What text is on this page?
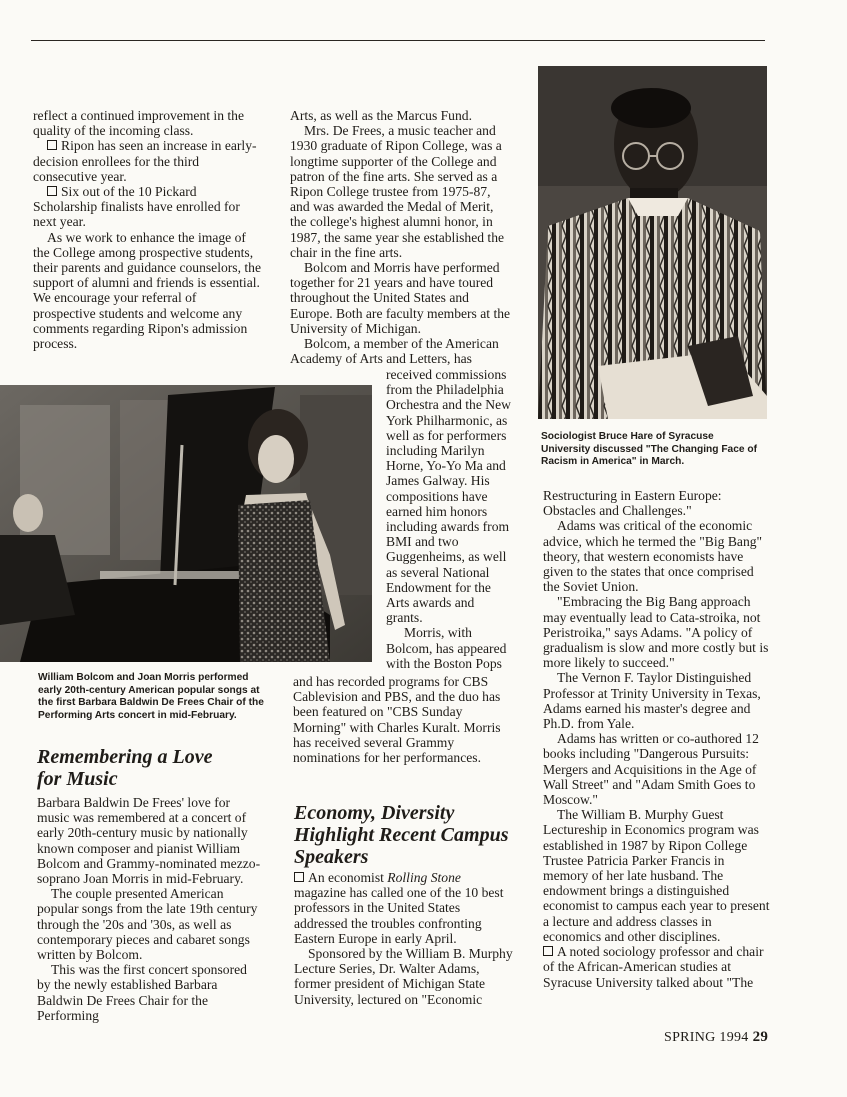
reflect a continued improvement in the quality of the incoming class.

Ripon has seen an increase in early-decision enrollees for the third consecutive year.

Six out of the 10 Pickard Scholarship finalists have enrolled for next year.

As we work to enhance the image of the College among prospective students, their parents and guidance counselors, the support of alumni and friends is essential. We encourage your referral of prospective students and welcome any comments regarding Ripon's admission process.

Arts, as well as the Marcus Fund.

Mrs. De Frees, a music teacher and 1930 graduate of Ripon College, was a longtime supporter of the College and patron of the fine arts. She served as a Ripon College trustee from 1975-87, and was awarded the Medal of Merit, the college's highest alumni honor, in 1987, the same year she established the chair in the fine arts.

Bolcom and Morris have performed together for 21 years and have toured throughout the United States and Europe. Both are faculty members at the University of Michigan.

Bolcom, a member of the American Academy of Arts and Letters, has

received commissions from the Philadelphia Orchestra and the New York Philharmonic, as well as for performers including Marilyn Horne, Yo-Yo Ma and James Galway. His compositions have earned him honors including awards from BMI and two Guggenheims, as well as several National Endowment for the Arts awards and grants.

Morris, with Bolcom, has appeared with the Boston Pops

and has recorded programs for CBS Cablevision and PBS, and the duo has been featured on "CBS Sunday Morning" with Charles Kuralt. Morris has received several Grammy nominations for her performances.

William Bolcom and Joan Morris performed early 20th-century American popular songs at the first Barbara Baldwin De Frees Chair of the Performing Arts concert in mid-February.
Sociologist Bruce Hare of Syracuse University discussed "The Changing Face of Racism in America" in March.
Remembering a Love for Music

Barbara Baldwin De Frees' love for music was remembered at a concert of early 20th-century music by nationally known composer and pianist William Bolcom and Grammy-nominated mezzo-soprano Joan Morris in mid-February.

The couple presented American popular songs from the late 19th century through the '20s and '30s, as well as contemporary pieces and cabaret songs written by Bolcom.

This was the first concert sponsored by the newly established Barbara Baldwin De Frees Chair for the Performing

Economy, Diversity Highlight Recent Campus Speakers

An economist Rolling Stone magazine has called one of the 10 best professors in the United States addressed the troubles confronting Eastern Europe in early April.

Sponsored by the William B. Murphy Lecture Series, Dr. Walter Adams, former president of Michigan State University, lectured on "Economic

Restructuring in Eastern Europe: Obstacles and Challenges."

Adams was critical of the economic advice, which he termed the "Big Bang" theory, that western economists have given to the states that once comprised the Soviet Union.

"Embracing the Big Bang approach may eventually lead to Cata-stroika, not Peristroika," says Adams. "A policy of gradualism is slow and more costly but is more likely to succeed."

The Vernon F. Taylor Distinguished Professor at Trinity University in Texas, Adams earned his master's degree and Ph.D. from Yale.

Adams has written or co-authored 12 books including "Dangerous Pursuits: Mergers and Acquisitions in the Age of Wall Street" and "Adam Smith Goes to Moscow."

The William B. Murphy Guest Lectureship in Economics program was established in 1987 by Ripon College Trustee Patricia Parker Francis in memory of her late husband. The endowment brings a distinguished economist to campus each year to present a lecture and address classes in economics and other disciplines.

A noted sociology professor and chair of the African-American studies at Syracuse University talked about "The

SPRING 1994 29
